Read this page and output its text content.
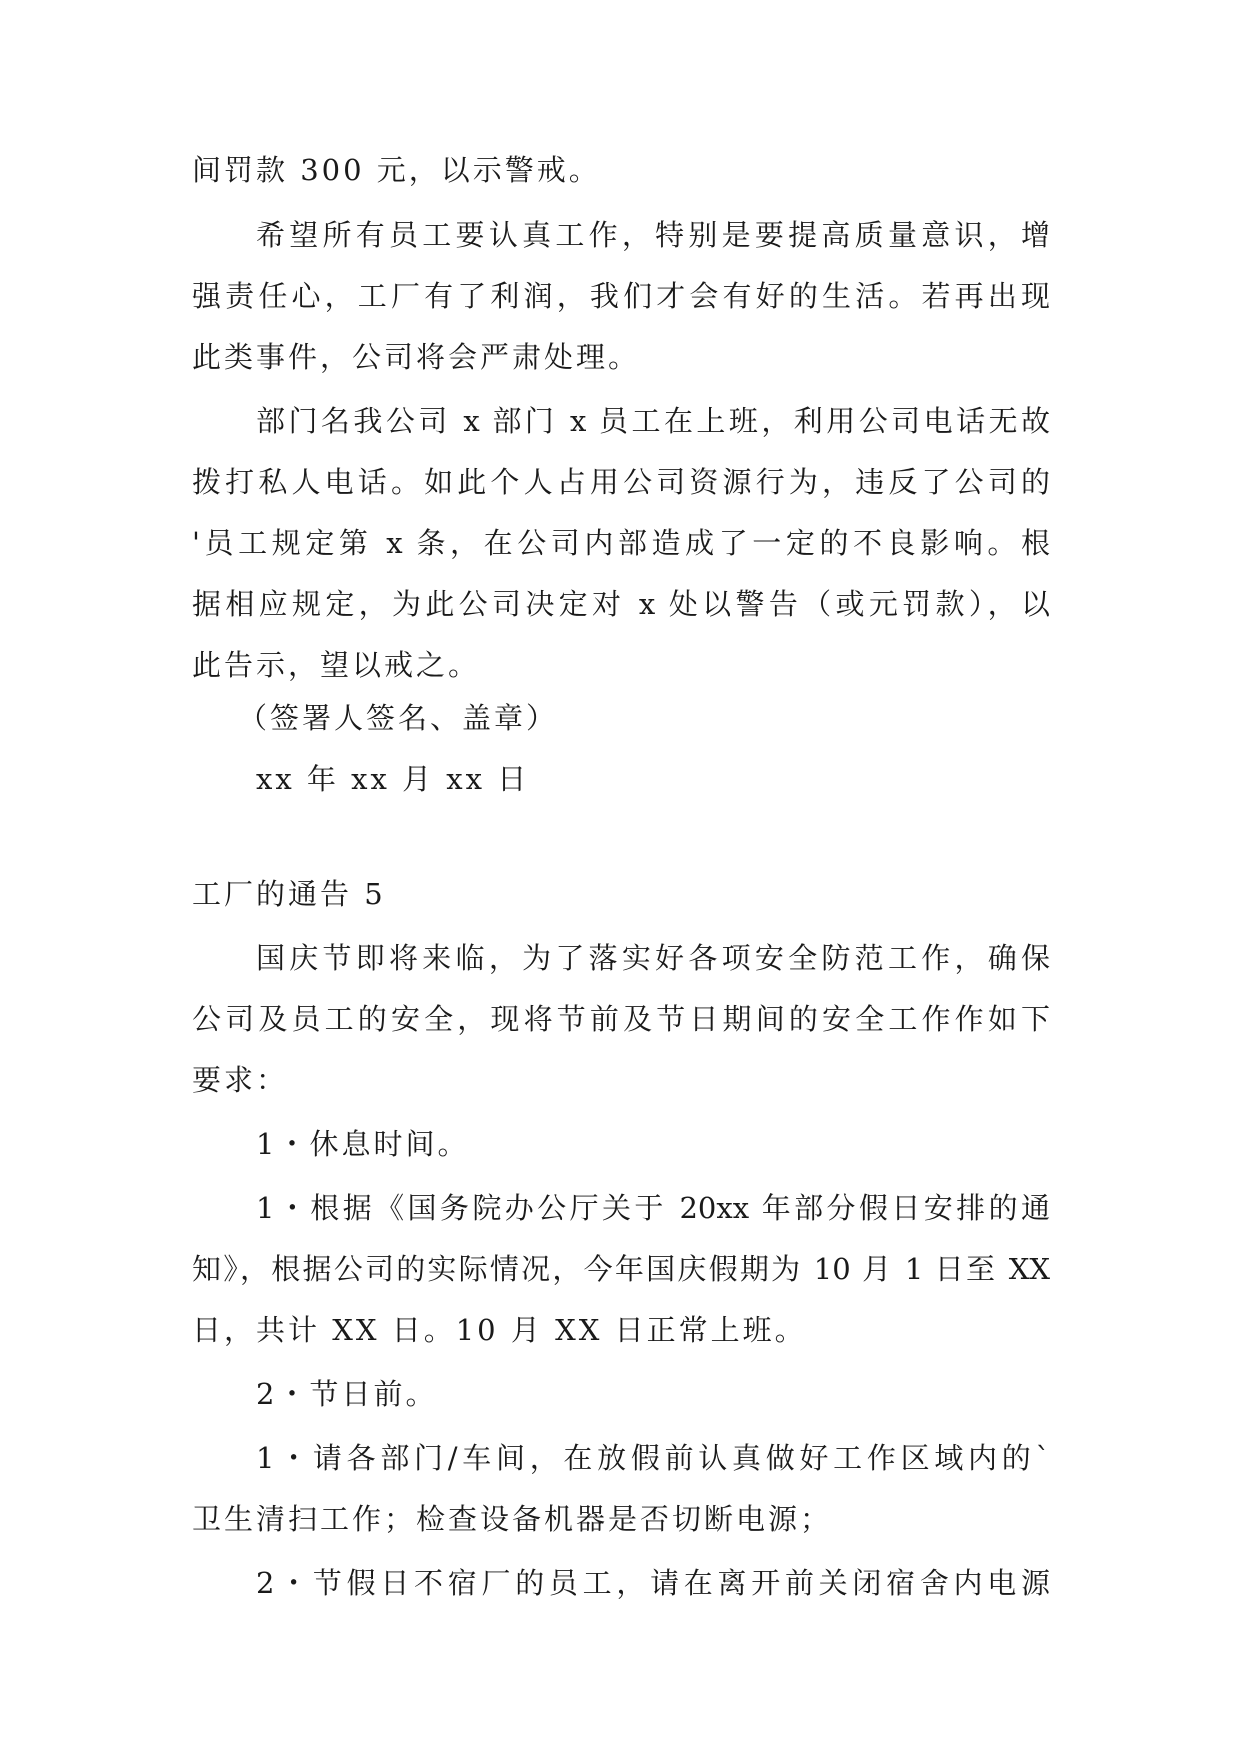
间罚款 300 元，以示警戒。
希望所有员工要认真工作，特别是要提高质量意识，增
强责任心，工厂有了利润，我们才会有好的生活。若再出现
此类事件，公司将会严肃处理。
部门名我公司 x 部门 x 员工在上班，利用公司电话无故
拨打私人电话。如此个人占用公司资源行为，违反了公司的
'员工规定第 x 条，在公司内部造成了一定的不良影响。根
据相应规定，为此公司决定对 x 处以警告（或元罚款），以
此告示，望以戒之。
（签署人签名、盖章）
xx 年 xx 月 xx 日
工厂的通告 5
国庆节即将来临，为了落实好各项安全防范工作，确保
公司及员工的安全，现将节前及节日期间的安全工作作如下
要求：
1・休息时间。
1・根据《国务院办公厅关于 20xx 年部分假日安排的通
知》，根据公司的实际情况，今年国庆假期为 10 月 1 日至 XX
日，共计 XX 日。10 月 XX 日正常上班。
2・节日前。
1・请各部门/车间，在放假前认真做好工作区域内的`
卫生清扫工作；检查设备机器是否切断电源；
2・节假日不宿厂的员工，请在离开前关闭宿舍内电源
